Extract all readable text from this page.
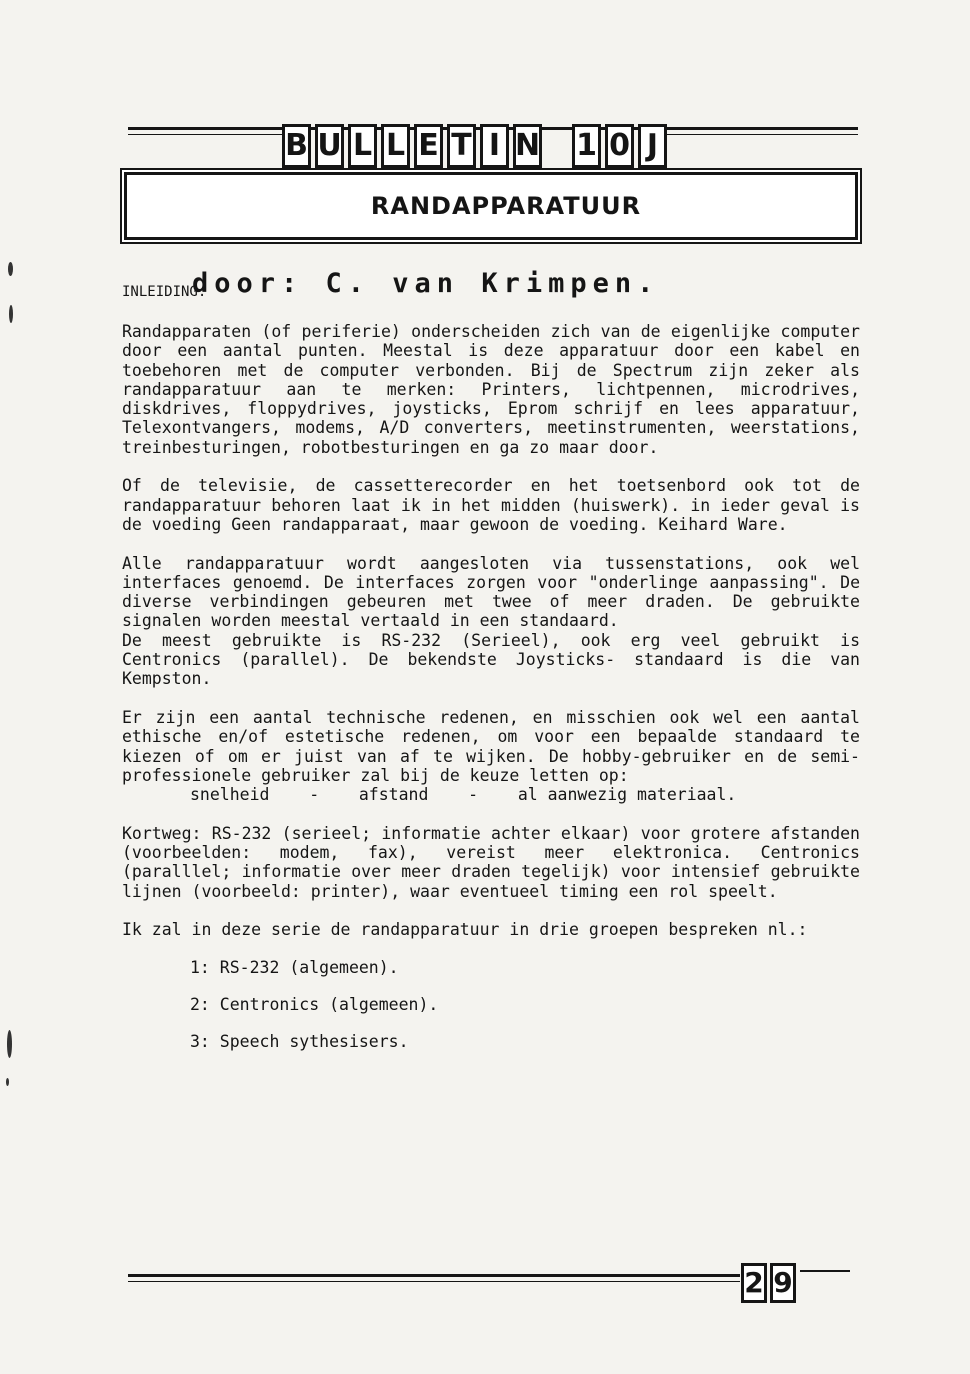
B U L L E T I N 1 0 J
RANDAPPARATUUR
door: C. van Krimpen.
INLEIDING:

Randapparaten (of periferie) onderscheiden zich van de eigenlijke computer door een aantal punten. Meestal is deze apparatuur door een kabel en toebehoren met de computer verbonden. Bij de Spectrum zijn zeker als randapparatuur aan te merken: Printers, lichtpennen, microdrives, diskdrives, floppydrives, joysticks, Eprom schrijf en lees apparatuur, Telexontvangers, modems, A/D converters, meetinstrumenten, weerstations, treinbesturingen, robotbesturingen en ga zo maar door.

Of de televisie, de cassetterecorder en het toetsenbord ook tot de randapparatuur behoren laat ik in het midden (huiswerk). in ieder geval is de voeding Geen randapparaat, maar gewoon de voeding. Keihard Ware.

Alle randapparatuur wordt aangesloten via tussenstations, ook wel interfaces genoemd. De interfaces zorgen voor "onderlinge aanpassing". De diverse verbindingen gebeuren met twee of meer draden. De gebruikte signalen worden meestal vertaald in een standaard.

De meest gebruikte is RS-232 (Serieel), ook erg veel gebruikt is Centronics (parallel). De bekendste Joysticks- standaard is die van Kempston.

Er zijn een aantal technische redenen, en misschien ook wel een aantal ethische en/of estetische redenen, om voor een bepaalde standaard te kiezen of om er juist van af te wijken. De hobby-gebruiker en de semi- professionele gebruiker zal bij de keuze letten op:

snelheid    -    afstand    -    al aanwezig materiaal.

Kortweg: RS-232 (serieel; informatie achter elkaar) voor grotere afstanden (voorbeelden: modem, fax), vereist meer elektronica. Centronics (paralllel; informatie over meer draden tegelijk) voor intensief gebruikte lijnen (voorbeeld: printer), waar eventueel timing een rol speelt.

Ik zal in deze serie de randapparatuur in drie groepen bespreken nl.:

1: RS-232 (algemeen).

2: Centronics (algemeen).

3: Speech sythesisers.

2 9
